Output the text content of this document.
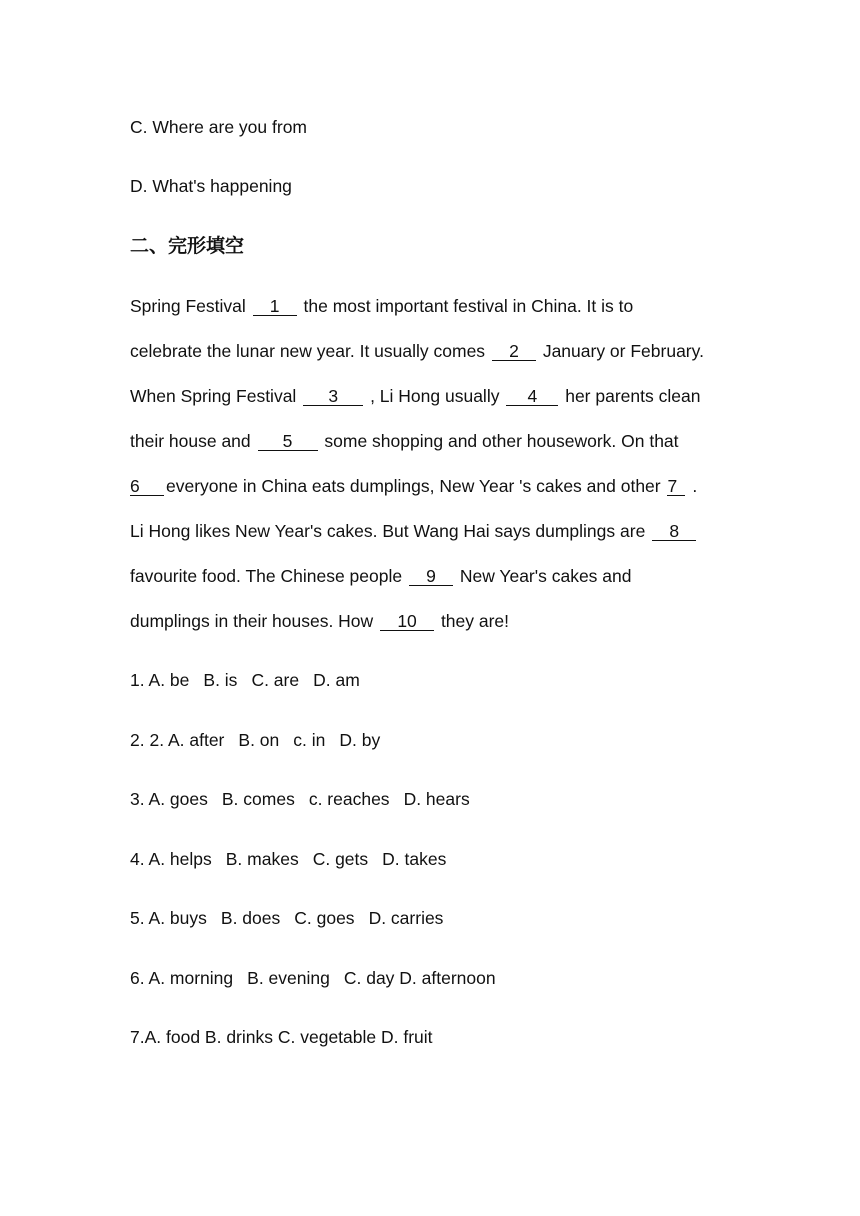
C. Where are you from
D. What's happening
二、完形填空
Spring Festival 1 the most important festival in China. It is to
celebrate the lunar new year. It usually comes 2 January or February.
When Spring Festival 3 , Li Hong usually 4 her parents clean
their house and 5 some shopping and other housework. On that
6 everyone in China eats dumplings, New Year 's cakes and other 7 .
Li Hong likes New Year's cakes. But Wang Hai says dumplings are 8
favourite food. The Chinese people 9 New Year's cakes and
dumplings in their houses. How 10 they are!
1. A. be B. is C. are D. am
2. 2. A. after B. on c. in D. by
3. A. goes B. comes c. reaches D. hears
4. A. helps B. makes C. gets D. takes
5. A. buys B. does C. goes D. carries
6. A. morning B. evening C. day D. afternoon
7.A. food B. drinks C. vegetable D. fruit
